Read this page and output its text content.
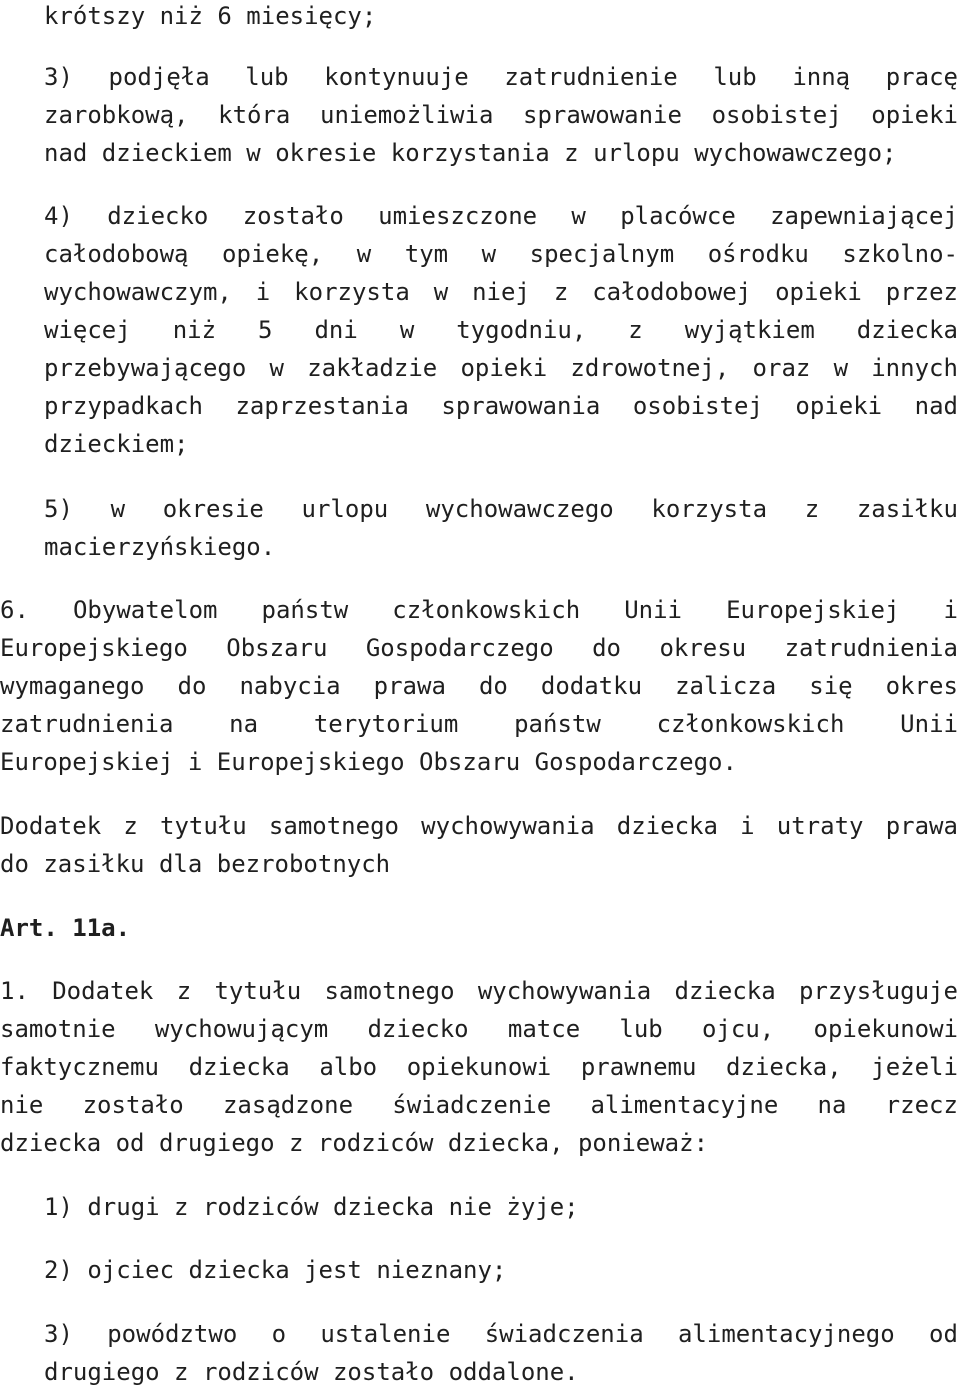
krótszy niż 6 miesięcy;
3) podjęła lub kontynuuje zatrudnienie lub inną pracę
zarobkową, która uniemożliwia sprawowanie osobistej opieki
nad dzieckiem w okresie korzystania z urlopu wychowawczego;
4) dziecko zostało umieszczone w placówce zapewniającej
całodobową opiekę, w tym w specjalnym ośrodku szkolno-
wychowawczym, i korzysta w niej z całodobowej opieki przez
więcej niż 5 dni w tygodniu, z wyjątkiem dziecka
przebywającego w zakładzie opieki zdrowotnej, oraz w innych
przypadkach zaprzestania sprawowania osobistej opieki nad
dzieckiem;
5) w okresie urlopu wychowawczego korzysta z zasiłku
macierzyńskiego.
6. Obywatelom państw członkowskich Unii Europejskiej i
Europejskiego Obszaru Gospodarczego do okresu zatrudnienia
wymaganego do nabycia prawa do dodatku zalicza się okres
zatrudnienia na terytorium państw członkowskich Unii
Europejskiej i Europejskiego Obszaru Gospodarczego.
Dodatek z tytułu samotnego wychowywania dziecka i utraty prawa
do zasiłku dla bezrobotnych
Art. 11a.
1. Dodatek z tytułu samotnego wychowywania dziecka przysługuje
samotnie wychowującym dziecko matce lub ojcu, opiekunowi
faktycznemu dziecka albo opiekunowi prawnemu dziecka, jeżeli
nie zostało zasądzone świadczenie alimentacyjne na rzecz
dziecka od drugiego z rodziców dziecka, ponieważ:
1) drugi z rodziców dziecka nie żyje;
2) ojciec dziecka jest nieznany;
3) powództwo o ustalenie świadczenia alimentacyjnego od
drugiego z rodziców zostało oddalone.
